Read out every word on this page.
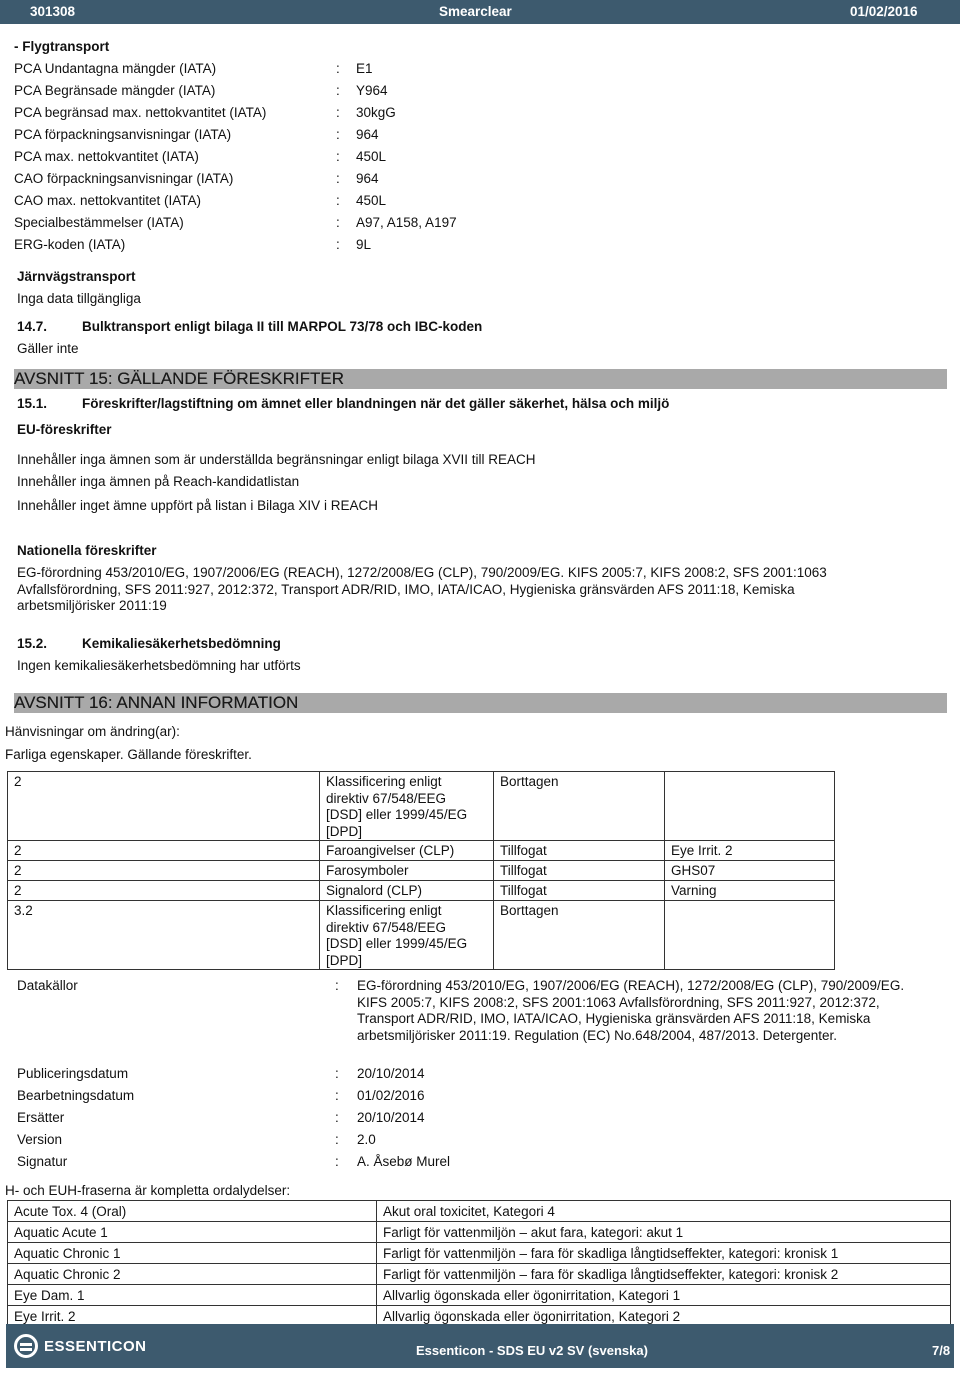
301308	Smearclear	01/02/2016
- Flygtransport
PCA Undantagna mängder (IATA)	: E1
PCA Begränsade mängder (IATA)	: Y964
PCA begränsad max. nettokvantitet (IATA)	: 30kgG
PCA förpackningsanvisningar (IATA)	: 964
PCA max. nettokvantitet (IATA)	: 450L
CAO förpackningsanvisningar (IATA)	: 964
CAO max. nettokvantitet (IATA)	: 450L
Specialbestämmelser (IATA)	: A97, A158, A197
ERG-koden (IATA)	: 9L
Järnvägstransport
Inga data tillgängliga
14.7.	Bulktransport enligt bilaga II till MARPOL 73/78 och IBC-koden
Gäller inte
AVSNITT 15: GÄLLANDE FÖRESKRIFTER
15.1.	Föreskrifter/lagstiftning om ämnet eller blandningen när det gäller säkerhet, hälsa och miljö
EU-föreskrifter
Innehåller inga ämnen som är underställda begränsningar enligt bilaga XVII till REACH
Innehåller inga ämnen på Reach-kandidatlistan
Innehåller inget ämne uppfört på listan i Bilaga XIV i REACH
Nationella föreskrifter
EG-förordning 453/2010/EG, 1907/2006/EG (REACH), 1272/2008/EG (CLP), 790/2009/EG. KIFS 2005:7, KIFS 2008:2, SFS 2001:1063
Avfallsförordning, SFS 2011:927, 2012:372, Transport ADR/RID, IMO, IATA/ICAO, Hygieniska gränsvärden AFS 2011:18, Kemiska
arbetsmiljörisker 2011:19
15.2.	Kemikaliesäkerhetsbedömning
Ingen kemikaliesäkerhetsbedömning har utförts
AVSNITT 16: ANNAN INFORMATION
Hänvisningar om ändring(ar):
Farliga egenskaper. Gällande föreskrifter.
2	Klassificering enligt direktiv 67/548/EEG [DSD] eller 1999/45/EG [DPD]	Borttagen	
2	Faroangivelser (CLP)	Tillfogat	Eye Irrit. 2
2	Farosymboler	Tillfogat	GHS07
2	Signalord (CLP)	Tillfogat	Varning
3.2	Klassificering enligt direktiv 67/548/EEG [DSD] eller 1999/45/EG [DPD]	Borttagen	
Datakällor	: EG-förordning 453/2010/EG, 1907/2006/EG (REACH), 1272/2008/EG (CLP), 790/2009/EG. KIFS 2005:7, KIFS 2008:2, SFS 2001:1063 Avfallsförordning, SFS 2011:927, 2012:372, Transport ADR/RID, IMO, IATA/ICAO, Hygieniska gränsvärden AFS 2011:18, Kemiska arbetsmiljörisker 2011:19. Regulation (EC) No.648/2004, 487/2013. Detergenter.
Publiceringsdatum	: 20/10/2014
Bearbetningsdatum	: 01/02/2016
Ersätter	: 20/10/2014
Version	: 2.0
Signatur	: A. Åsebø Murel
H- och EUH-fraserna är kompletta ordalydelser:
Acute Tox. 4 (Oral)	Akut oral toxicitet, Kategori 4
Aquatic Acute 1	Farligt för vattenmiljön – akut fara, kategori: akut 1
Aquatic Chronic 1	Farligt för vattenmiljön – fara för skadliga långtidseffekter, kategori: kronisk 1
Aquatic Chronic 2	Farligt för vattenmiljön – fara för skadliga långtidseffekter, kategori: kronisk 2
Eye Dam. 1	Allvarlig ögonskada eller ögonirritation, Kategori 1
Eye Irrit. 2	Allvarlig ögonskada eller ögonirritation, Kategori 2
ESSENTICON	Essenticon - SDS EU v2 SV (svenska)	7/8
